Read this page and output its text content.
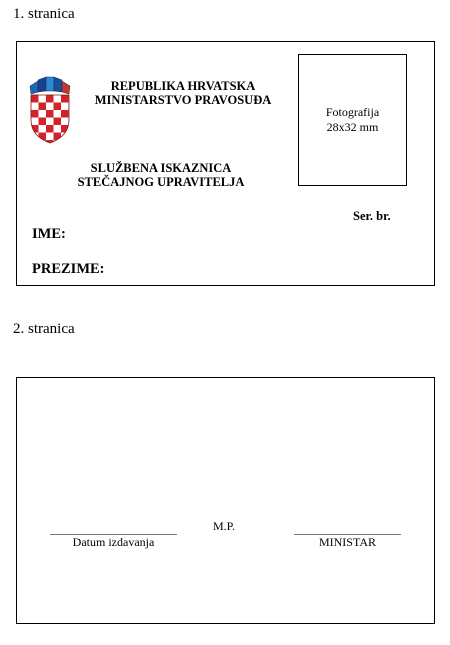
1. stranica
REPUBLIKA HRVATSKA
MINISTARSTVO PRAVOSUĐA
SLUŽBENA ISKAZNICA
STEČAJNOG UPRAVITELJA
Fotografija
28x32 mm
Ser. br.
IME:
PREZIME:
2. stranica
Datum izdavanja
M.P.
MINISTAR
